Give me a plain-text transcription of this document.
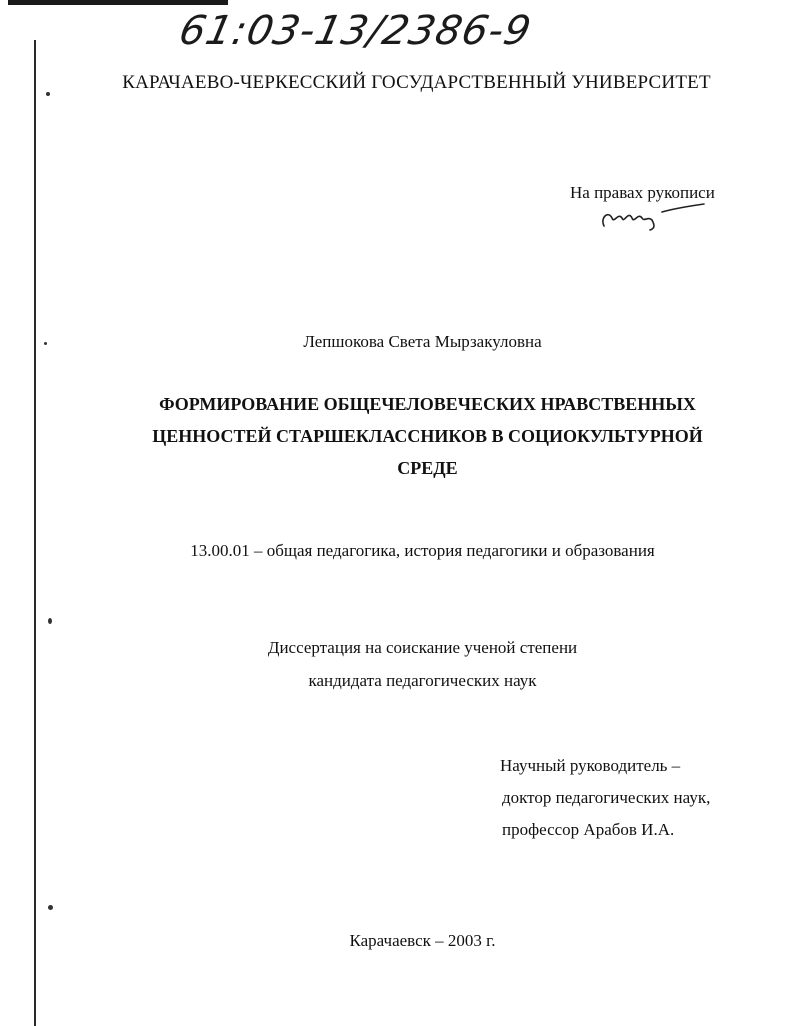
61:03-13/2386-9
КАРАЧАЕВО-ЧЕРКЕССКИЙ ГОСУДАРСТВЕННЫЙ УНИВЕРСИТЕТ
На правах рукописи
Лепшокова Света Мырзакуловна
ФОРМИРОВАНИЕ ОБЩЕЧЕЛОВЕЧЕСКИХ НРАВСТВЕННЫХ
ЦЕННОСТЕЙ СТАРШЕКЛАССНИКОВ В СОЦИОКУЛЬТУРНОЙ
СРЕДЕ
13.00.01 – общая педагогика, история педагогики и образования
Диссертация на соискание ученой степени
кандидата педагогических наук
Научный руководитель –
доктор педагогических наук,
профессор Арабов И.А.
Карачаевск – 2003 г.
